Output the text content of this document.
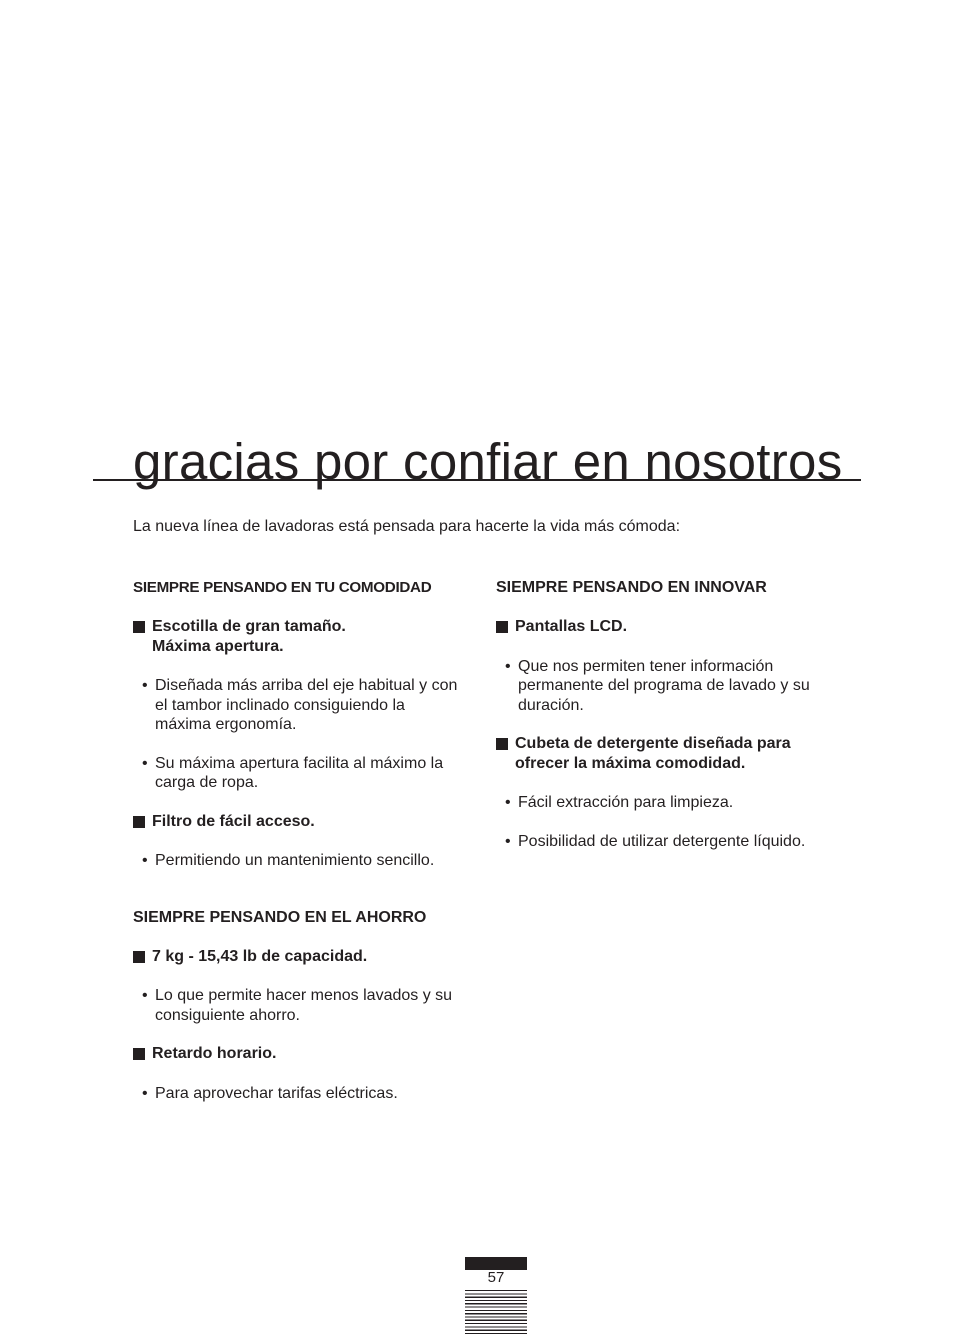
gracias por confiar en nosotros

La nueva línea de lavadoras está pensada para hacerte la vida más cómoda:

SIEMPRE PENSANDO EN TU COMODIDAD
Escotilla de gran tamaño.
Máxima apertura.
• Diseñada más arriba del eje habitual y con el tambor inclinado consiguiendo la máxima ergonomía.
• Su máxima apertura facilita al máximo la carga de ropa.
Filtro de fácil acceso.
• Permitiendo un mantenimiento sencillo.
SIEMPRE PENSANDO EN EL AHORRO
7 kg - 15,43 lb de capacidad.
• Lo que permite hacer menos lavados y su consiguiente ahorro.
Retardo horario.
• Para aprovechar tarifas eléctricas.
SIEMPRE PENSANDO EN INNOVAR
Pantallas LCD.
• Que nos permiten tener información permanente del programa de lavado y su duración.
Cubeta de detergente diseñada para
ofrecer la máxima comodidad.
• Fácil extracción para limpieza.
• Posibilidad de utilizar detergente líquido.
57
